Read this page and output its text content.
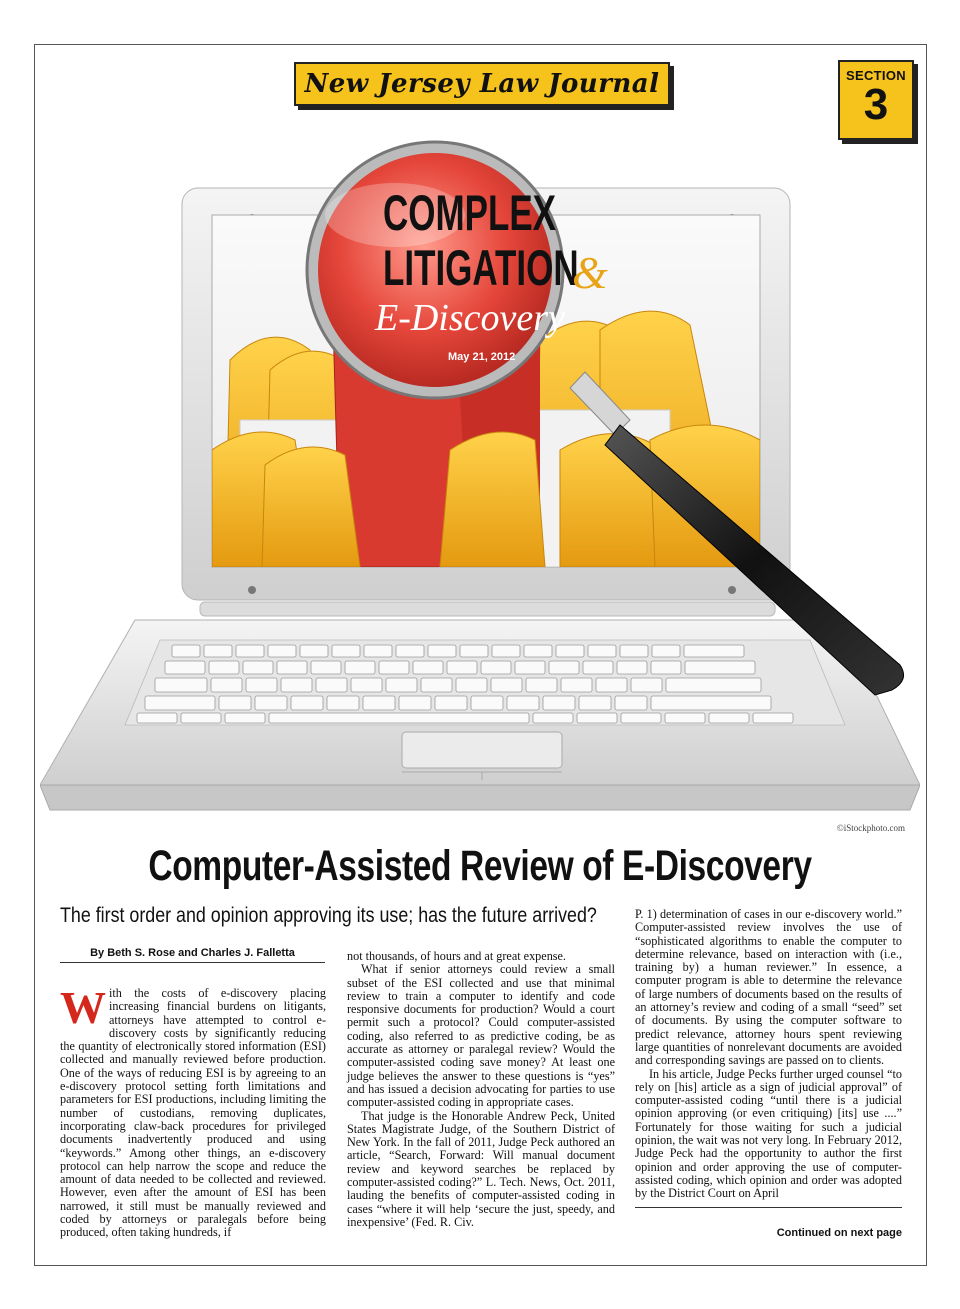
New Jersey Law Journal	SECTION
3
COMPLEX
LITIGATION
&
E-Discovery
May 21, 2012
©iStockphoto.com
Computer-Assisted Review of E-Discovery
The first order and opinion approving its use; has the future arrived?
By Beth S. Rose and Charles J. Falletta
W ith the costs of e-discovery placing increasing financial burdens on litigants, attorneys have attempted to control e-discovery costs by significantly reducing the quantity of electronically stored information (ESI) collected and manually reviewed before production. One of the ways of reducing ESI is by agreeing to an e-discovery protocol setting forth limitations and parameters for ESI productions, including limiting the number of custodians, removing duplicates, incorporating claw-back procedures for privileged documents inadvertently produced and using “keywords.” Among other things, an e-discovery protocol can help narrow the scope and reduce the amount of data needed to be collected and reviewed. However, even after the amount of ESI has been narrowed, it still must be manually reviewed and coded by attorneys or paralegals before being produced, often taking hundreds, if

not thousands, of hours and at great expense.

What if senior attorneys could review a small subset of the ESI collected and use that minimal review to train a computer to identify and code responsive documents for production? Would a court permit such a protocol? Could computer-assisted coding, also referred to as predictive coding, be as accurate as attorney or paralegal review? Would the computer-assisted coding save money? At least one judge believes the answer to these questions is “yes” and has issued a decision advocating for parties to use computer-assisted coding in appropriate cases.

That judge is the Honorable Andrew Peck, United States Magistrate Judge, of the Southern District of New York. In the fall of 2011, Judge Peck authored an article, “Search, Forward: Will manual document review and keyword searches be replaced by computer-assisted coding?” L. Tech. News, Oct. 2011, lauding the benefits of computer-assisted coding in cases “where it will help ‘secure the just, speedy, and inexpensive’ (Fed. R. Civ.

P. 1) determination of cases in our e-discovery world.” Computer-assisted review involves the use of “sophisticated algorithms to enable the computer to determine relevance, based on interaction with (i.e., training by) a human reviewer.” In essence, a computer program is able to determine the relevance of large numbers of documents based on the results of an attorney’s review and coding of a small “seed” set of documents. By using the computer software to predict relevance, attorney hours spent reviewing large quantities of nonrelevant documents are avoided and corresponding savings are passed on to clients.

In his article, Judge Pecks further urged counsel “to rely on [his] article as a sign of judicial approval” of computer-assisted coding “until there is a judicial opinion approving (or even critiquing) [its] use ....” Fortunately for those waiting for such a judicial opinion, the wait was not very long. In February 2012, Judge Peck had the opportunity to author the first opinion and order approving the use of computer-assisted coding, which opinion and order was adopted by the District Court on April

Continued on next page
